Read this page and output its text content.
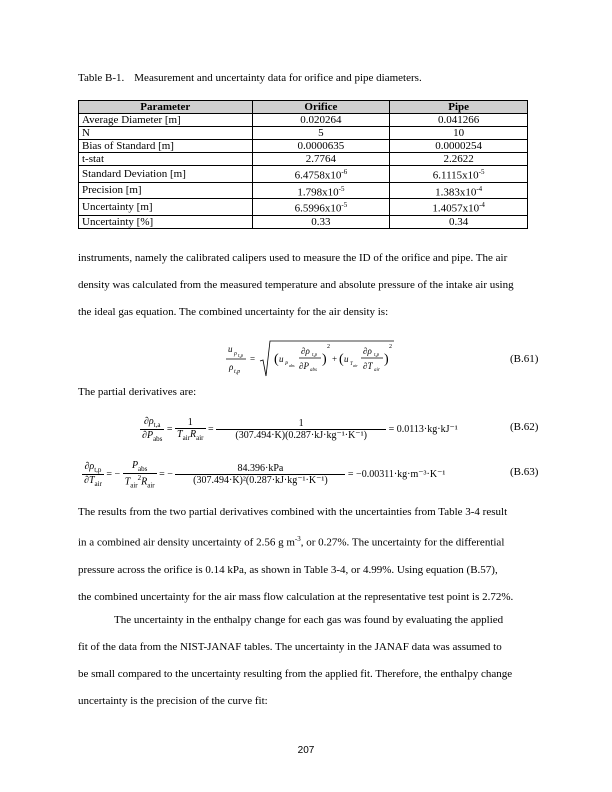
Table B-1. Measurement and uncertainty data for orifice and pipe diameters.
Parameter	Orifice	Pipe
Average Diameter [m]	0.020264	0.041266
N	5	10
Bias of Standard [m]	0.0000635	0.0000254
t-stat	2.7764	2.2622
Standard Deviation [m]	$6.4758x10^{-6}$	$6.1115x10^{-5}$
Precision [m]	$1.798x10^{-5}$	$1.383x10^{-4}$
Uncertainty [m]	$6.5996x10^{-5}$	$1.4057x10^{-4}$
Uncertainty [%]	0.33	0.34
instruments, namely the calibrated calipers used to measure the ID of the orifice and pipe. The air
density was calculated from the measured temperature and absolute pressure of the intake air using
the ideal gas equation. The combined uncertainty for the air density is:
u ρ t,p
ρ t,p
= ( u
P abs
∂ρ t,p
∂P abs
)
2
+ ( u
T air
∂ρ t,p
∂T air
)
2
(B.61)
The partial derivatives are:
$\frac{\partial\rho_{t,a}}{\partial P_{abs}} = \frac{1}{T_{air}R_{air}} = \frac{1}{\text{(307.494·K)(0.287·kJ·kg⁻¹·K⁻¹)}} = 0.0113\cdot kg\cdot kJ^{-1}$	(B.62)
$\frac{\partial\rho_{t,p}}{\partial T_{air}}$ = − $\frac{P_{abs}}{T_{air}^2R_{air}}$ = − $\frac{\text{84.396·kPa}}{\text{(307.494·K)²(0.287·kJ·kg⁻¹·K⁻¹)}} = -0.00311\cdot kg\cdot m^{-3}\cdot K^{-1}$	(B.63)
The results from the two partial derivatives combined with the uncertainties from Table 3-4 result
in a combined air density uncertainty of 2.56 g $m^{-3}$, or 0.27%. The uncertainty for the differential
pressure across the orifice is 0.14 kPa, as shown in Table 3-4, or 4.99%. Using equation (B.57),
the combined uncertainty for the air mass flow calculation at the representative test point is 2.72%.
The uncertainty in the enthalpy change for each gas was found by evaluating the applied
fit of the data from the NIST-JANAF tables. The uncertainty in the JANAF data was assumed to
be small compared to the uncertainty resulting from the applied fit. Therefore, the enthalpy change
uncertainty is the precision of the curve fit:
207
